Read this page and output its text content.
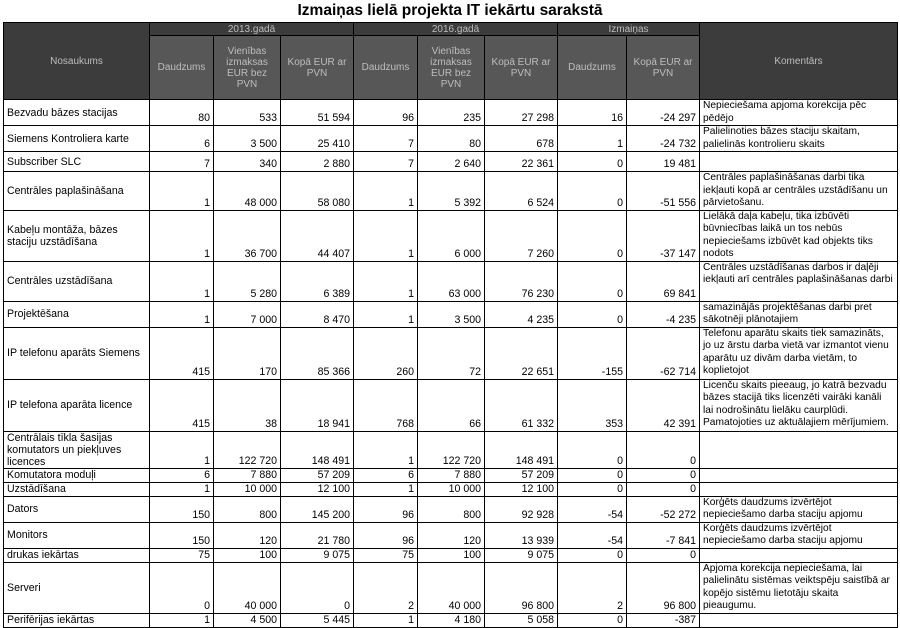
Izmaiņas lielā projekta IT iekārtu sarakstā
Nosaukums	2013.gadā			2016.gadā			Izmaiņas		Komentārs
	Daudzums	Vienības izmaksas EUR bez PVN	Kopā EUR ar PVN	Daudzums	Vienības izmaksas EUR bez PVN	Kopā EUR ar PVN	Daudzums	Kopā EUR ar PVN	
Bezvadu bāzes stacijas	80	533	51 594	96	235	27 298	16	-24 297	Nepieciešama apjoma korekcija pēc pēdējo
Siemens Kontroliera karte	6	3 500	25 410	7	80	678	1	-24 732	Palielinoties bāzes staciju skaitam, palielinās kontrolieru skaits
Subscriber SLC	7	340	2 880	7	2 640	22 361	0	19 481	
Centrāles paplašināšana	1	48 000	58 080	1	5 392	6 524	0	-51 556	Centrāles paplašināšanas darbi tika iekļauti kopā ar centrāles uzstādīšanu un pārvietošanu.
Kabeļu montāža, bāzes staciju uzstādīšana	1	36 700	44 407	1	6 000	7 260	0	-37 147	Lielākā daļa kabeļu, tika izbūvēti būvniecības laikā un tos nebūs nepieciešams izbūvēt kad objekts tiks nodots
Centrāles uzstādīšana	1	5 280	6 389	1	63 000	76 230	0	69 841	Centrāles uzstādīšanas darbos ir daļēji iekļauti arī centrāles paplašināšanas darbi
Projektēšana	1	7 000	8 470	1	3 500	4 235	0	-4 235	samazinājās projektēšanas darbi pret sākotnēji plānotajiem
IP telefonu aparāts Siemens	415	170	85 366	260	72	22 651	-155	-62 714	Telefonu aparātu skaits tiek samazināts, jo uz ārstu darba vietā var izmantot vienu aparātu uz divām darba vietām, to koplietojot
IP telefona aparāta licence	415	38	18 941	768	66	61 332	353	42 391	Licenču skaits pieeaug, jo katrā bezvadu bāzes stacijā tiks licenzēti vairāki kanāli lai nodrošinātu lielāku caurplūdi. Pamatojoties uz aktuālajiem mērījumiem.
Centrālais tīkla šasijas komutators un piekļuves licences	1	122 720	148 491	1	122 720	148 491	0	0	
Komutatora moduļi	6	7 880	57 209	6	7 880	57 209	0	0	
Uzstādīšana	1	10 000	12 100	1	10 000	12 100	0	0	
Dators	150	800	145 200	96	800	92 928	-54	-52 272	Korģēts daudzums izvērtējot nepieciešamo darba staciju apjomu
Monitors	150	120	21 780	96	120	13 939	-54	-7 841	Korģēts daudzums izvērtējot nepieciešamo darba staciju apjomu
drukas iekārtas	75	100	9 075	75	100	9 075	0	0	
Serveri	0	40 000	0	2	40 000	96 800	2	96 800	Apjoma korekcija nepieciešama, lai palielinātu sistēmas veiktspēju saistībā ar kopējo sistēmu lietotāju skaita pieaugumu.
Perifērijas iekārtas	1	4 500	5 445	1	4 180	5 058	0	-387	
